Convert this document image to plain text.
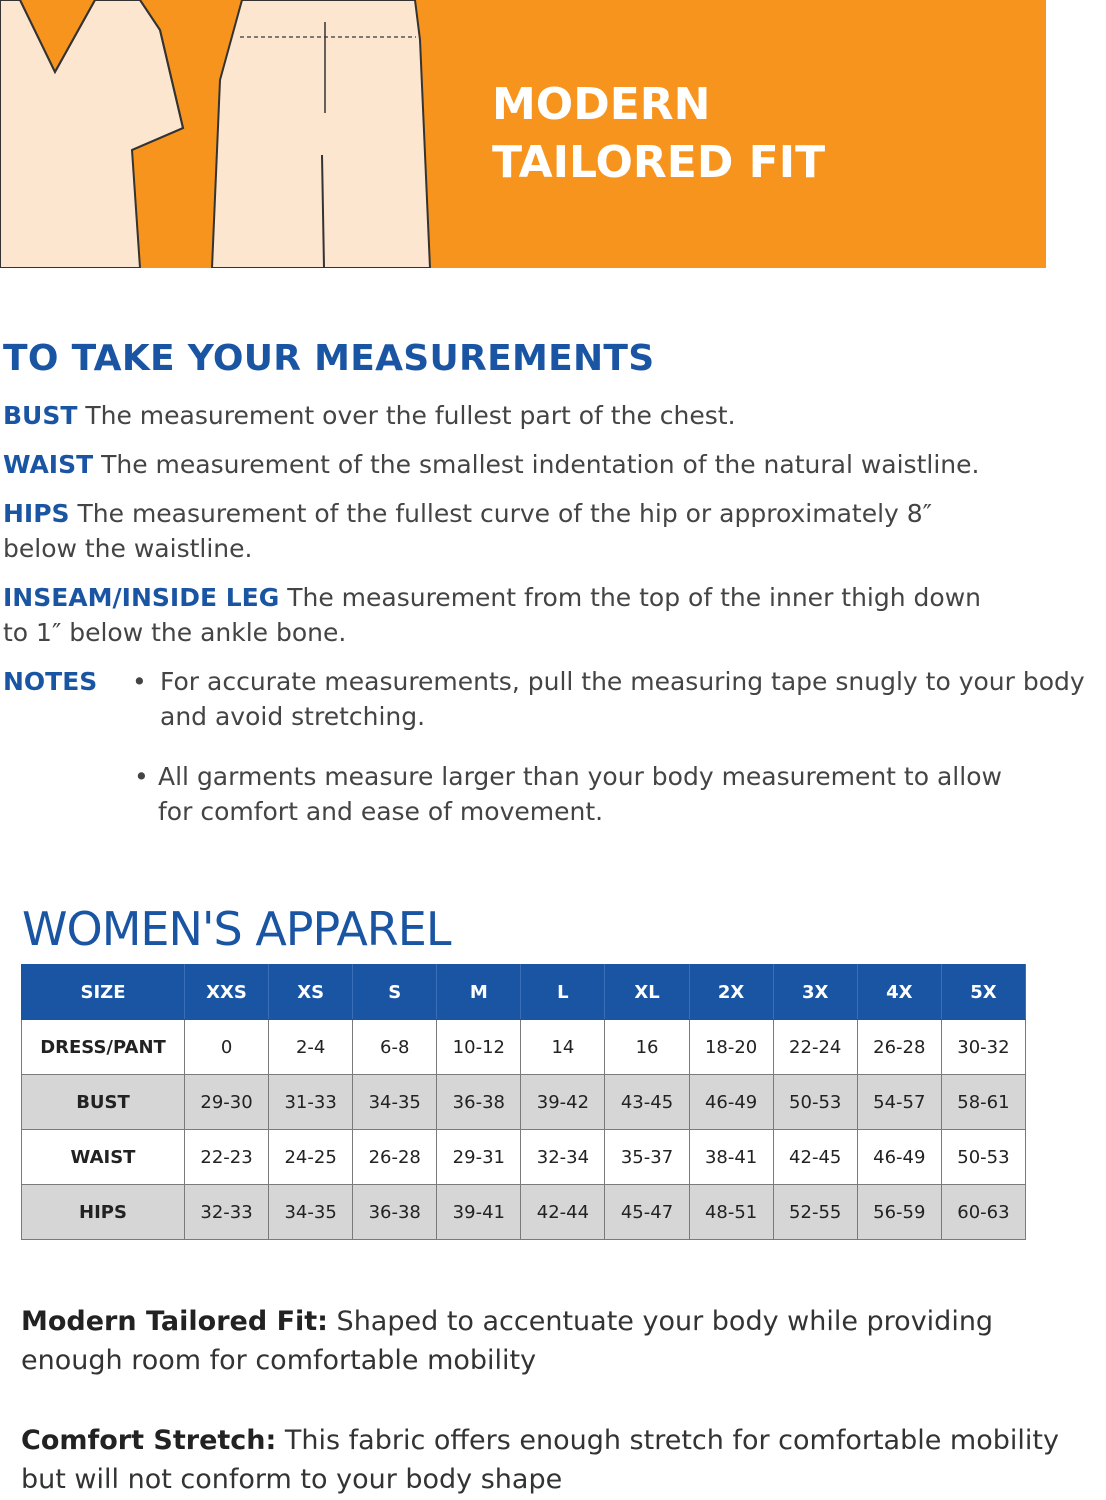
MODERN
TAILORED FIT
TO TAKE YOUR MEASUREMENTS
BUST The measurement over the fullest part of the chest.
WAIST The measurement of the smallest indentation of the natural waistline.
HIPS The measurement of the fullest curve of the hip or approximately 8″ below the waistline.
INSEAM/INSIDE LEG The measurement from the top of the inner thigh down to 1″ below the ankle bone.
NOTES • For accurate measurements, pull the measuring tape snugly to your body and avoid stretching.
• All garments measure larger than your body measurement to allow for comfort and ease of movement.
WOMEN'S APPAREL
SIZE	XXS	XS	S	M	L	XL	2X	3X	4X	5X
DRESS/PANT	0	2-4	6-8	10-12	14	16	18-20	22-24	26-28	30-32
BUST	29-30	31-33	34-35	36-38	39-42	43-45	46-49	50-53	54-57	58-61
WAIST	22-23	24-25	26-28	29-31	32-34	35-37	38-41	42-45	46-49	50-53
HIPS	32-33	34-35	36-38	39-41	42-44	45-47	48-51	52-55	56-59	60-63
Modern Tailored Fit: Shaped to accentuate your body while providing enough room for comfortable mobility
Comfort Stretch: This fabric offers enough stretch for comfortable mobility but will not conform to your body shape
